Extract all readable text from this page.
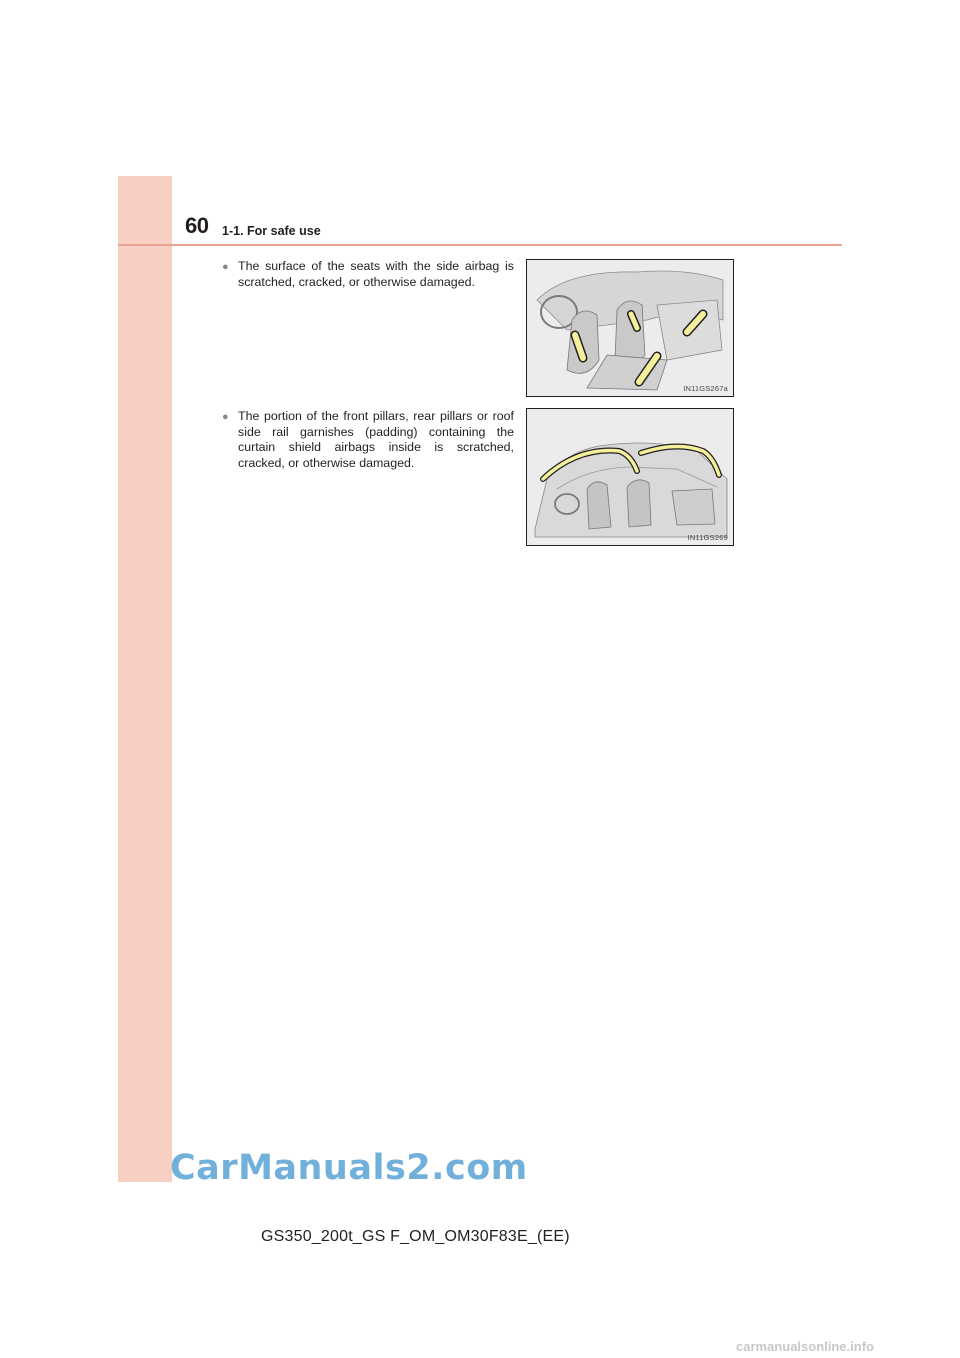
60 1-1. For safe use
● The surface of the seats with the side airbag is scratched, cracked, or otherwise damaged.
IN11GS267a
● The portion of the front pillars, rear pillars or roof side rail garnishes (padding) containing the curtain shield airbags inside is scratched, cracked, or otherwise damaged.
IN11GS269
CarManuals2.com
GS350_200t_GS F_OM_OM30F83E_(EE)
carmanualsonline.info
